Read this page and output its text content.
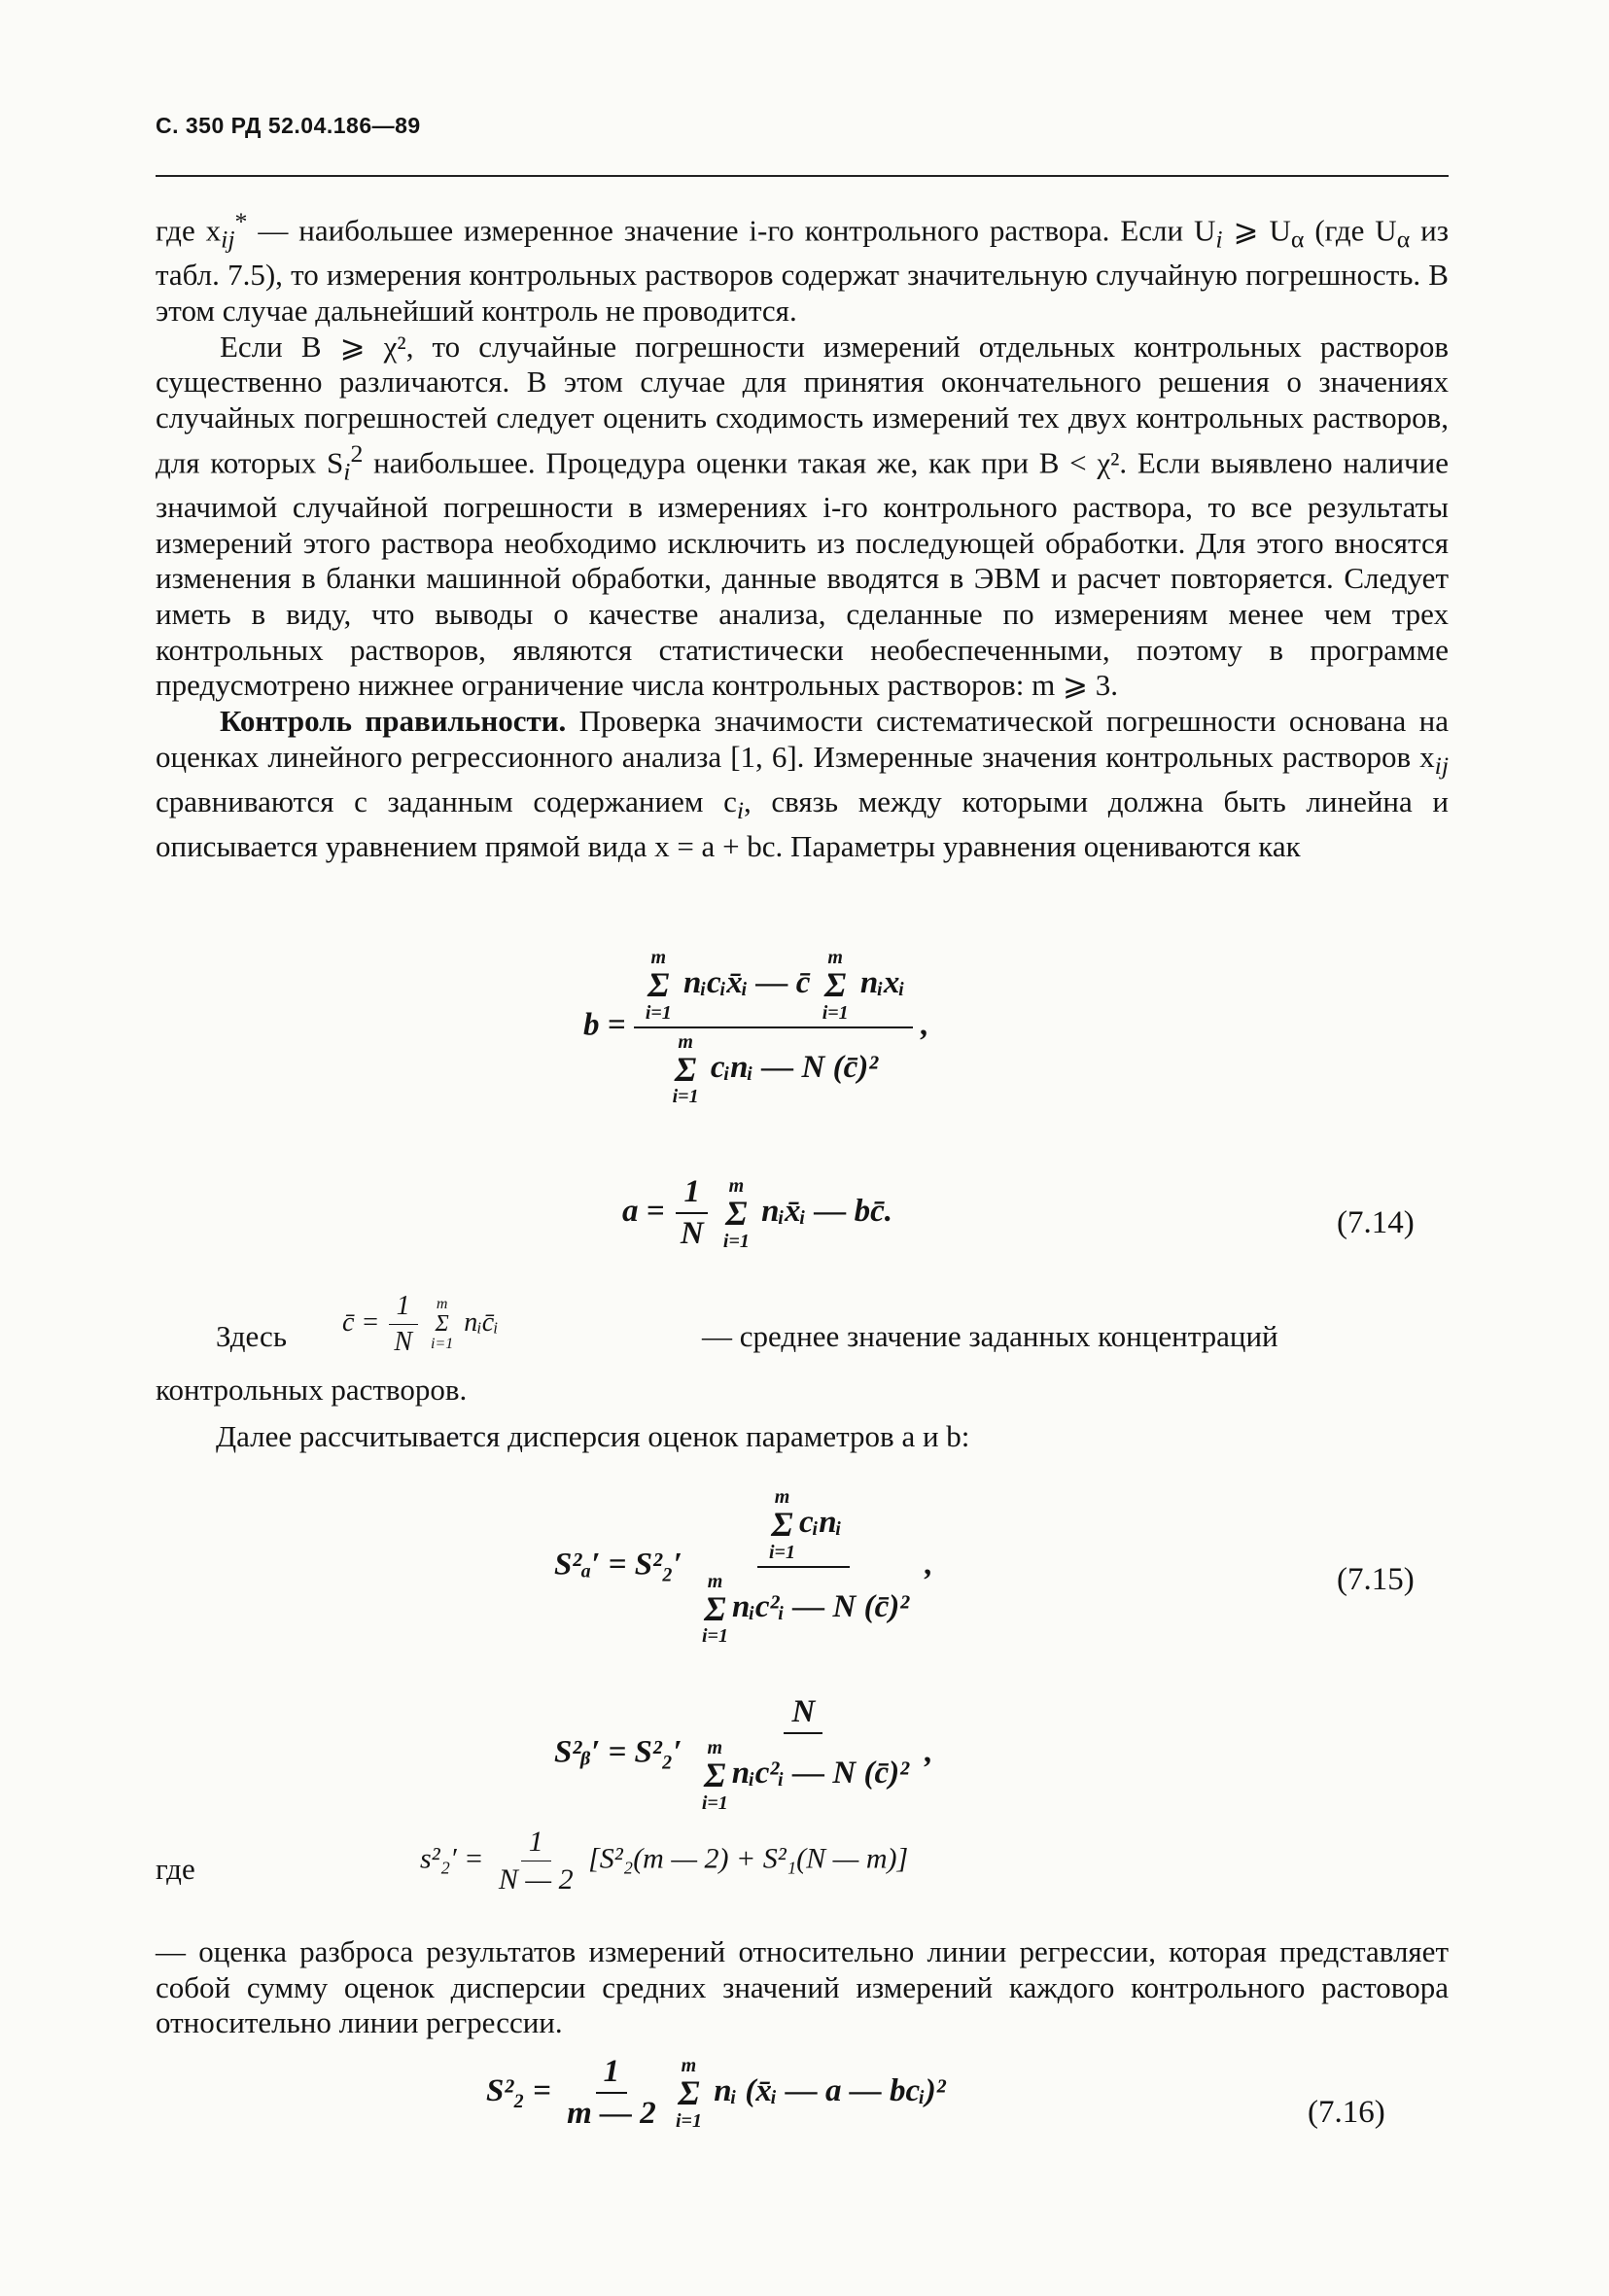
С. 350 РД 52.04.186—89

где $x_{ij}^*$ — наибольшее измеренное значение i-го контрольного раствора. Если $U_i$ ⩾ $U_\alpha$ (где $U_\alpha$ из табл. 7.5), то измерения контрольных растворов содержат значительную случайную погрешность. В этом случае дальнейший контроль не проводится.

Если B ⩾ χ², то случайные погрешности измерений отдельных контрольных растворов существенно различаются. В этом случае для принятия окончательного решения о значениях случайных погрешностей следует оценить сходимость измерений тех двух контрольных растворов, для которых $S_i^2$ наибольшее. Процедура оценки такая же, как при B < χ². Если выявлено наличие значимой случайной погрешности в измерениях i-го контрольного раствора, то все результаты измерений этого раствора необходимо исключить из последующей обработки. Для этого вносятся изменения в бланки машинной обработки, данные вводятся в ЭВМ и расчет повторяется. Следует иметь в виду, что выводы о качестве анализа, сделанные по измерениям менее чем трех контрольных растворов, являются статистически необеспеченными, поэтому в программе предусмотрено нижнее ограничение числа контрольных растворов: m ⩾ 3.

Контроль правильности. Проверка значимости систематической погрешности основана на оценках линейного регрессионного анализа [1, 6]. Измеренные значения контрольных растворов $x_{ij}$ сравниваются с заданным содержанием $c_i$, связь между которыми должна быть линейна и описывается уравнением прямой вида x = a + bc. Параметры уравнения оцениваются как

b = m
Σ
i=1
nᵢcᵢx̄ᵢ — c̄
m
Σ
i=1
nᵢxᵢ
m
Σ
i=1
cᵢnᵢ — N (c̄)² ,
$a = \frac{1}{N}$
m
Σ
i=1
nᵢx̄ᵢ — bc̄.	(7.14)
Здесь c̄ = $\frac{1}{N}$
m
Σ
i=1
nᵢc̄ᵢ	— среднее значение заданных концентраций
контрольных растворов.
Далее рассчитывается дисперсия оценок параметров a и b:
S²ₐ′ = S²₂′ m
Σ
i=1
cᵢnᵢ
m
Σ
i=1
nᵢc²ᵢ — N (c̄)² ,	(7.15)
S²ᵦ′ = S²₂′ N
m
Σ
i=1
nᵢc²ᵢ — N (c̄)² ,
где	$s^2_2' = \frac{1}{N — 2} [S^2_2(m$ — 2) + S²₁(N — m)]

— оценка разброса результатов измерений относительно линии регрессии, которая представляет собой сумму оценок дисперсии средних значений измерений каждого контрольного растовора относительно линии регрессии.

$S^2_2 = \frac{1}{m — 2}$
m
Σ
i=1
nᵢ (x̄ᵢ — a — bcᵢ)²
(7.16)
